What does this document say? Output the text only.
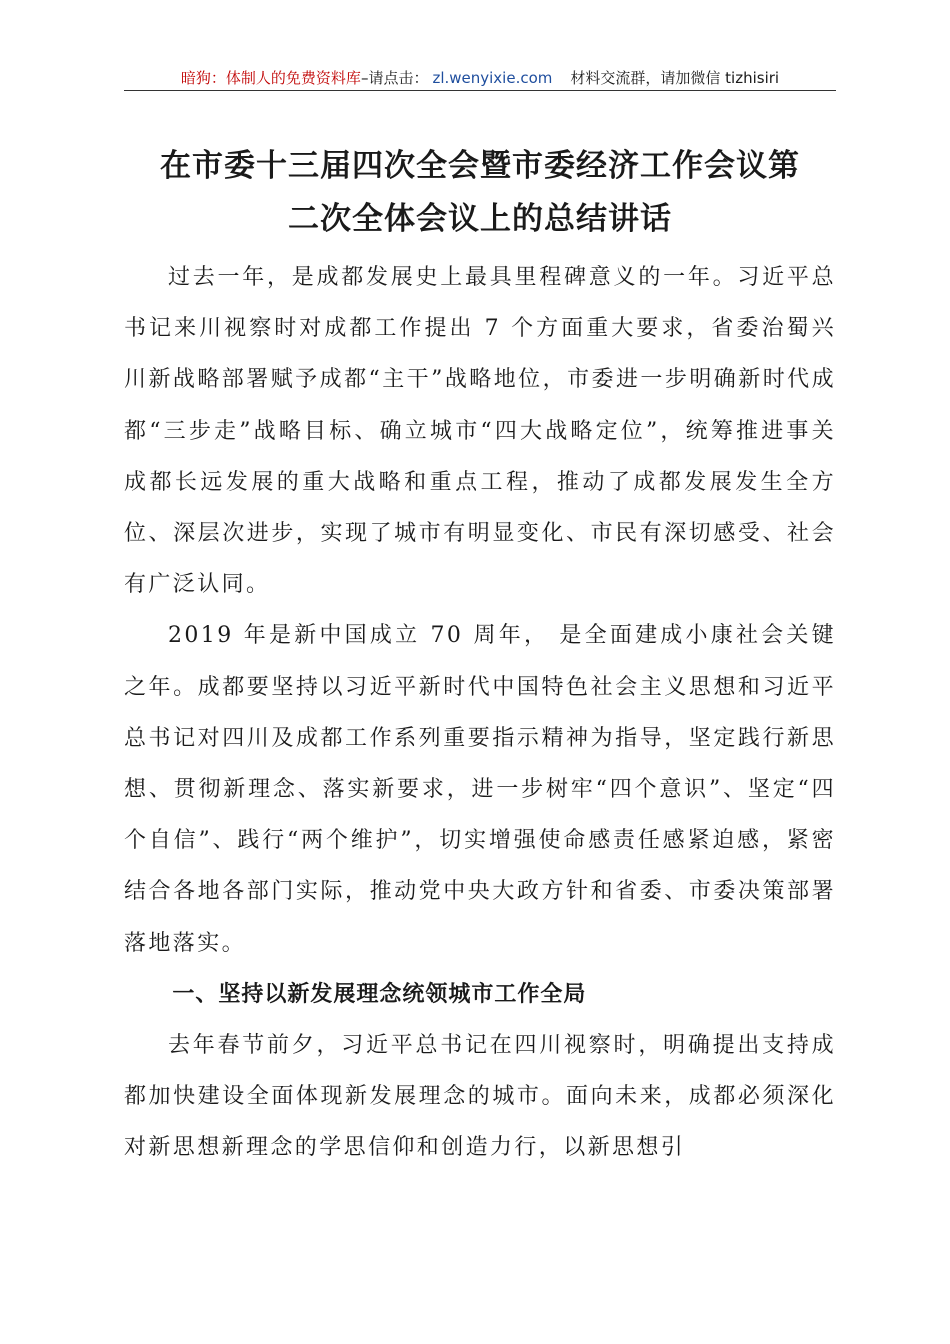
暗狗：体制人的免费资料库–请点击： zl.wenyixie.com 材料交流群，请加微信 tizhisiri
在市委十三届四次全会暨市委经济工作会议第
二次全体会议上的总结讲话

过去一年，是成都发展史上最具里程碑意义的一年。习近平总书记来川视察时对成都工作提出 7 个方面重大要求，省委治蜀兴川新战略部署赋予成都“主干”战略地位，市委进一步明确新时代成都“三步走”战略目标、确立城市“四大战略定位”，统筹推进事关成都长远发展的重大战略和重点工程，推动了成都发展发生全方位、深层次进步，实现了城市有明显变化、市民有深切感受、社会有广泛认同。

2019 年是新中国成立 70 周年， 是全面建成小康社会关键之年。成都要坚持以习近平新时代中国特色社会主义思想和习近平总书记对四川及成都工作系列重要指示精神为指导，坚定践行新思想、贯彻新理念、落实新要求，进一步树牢“四个意识”、坚定“四个自信”、践行“两个维护”，切实增强使命感责任感紧迫感，紧密结合各地各部门实际，推动党中央大政方针和省委、市委决策部署落地落实。

一、坚持以新发展理念统领城市工作全局

去年春节前夕，习近平总书记在四川视察时，明确提出支持成都加快建设全面体现新发展理念的城市。面向未来，成都必须深化对新思想新理念的学思信仰和创造力行，以新思想引
